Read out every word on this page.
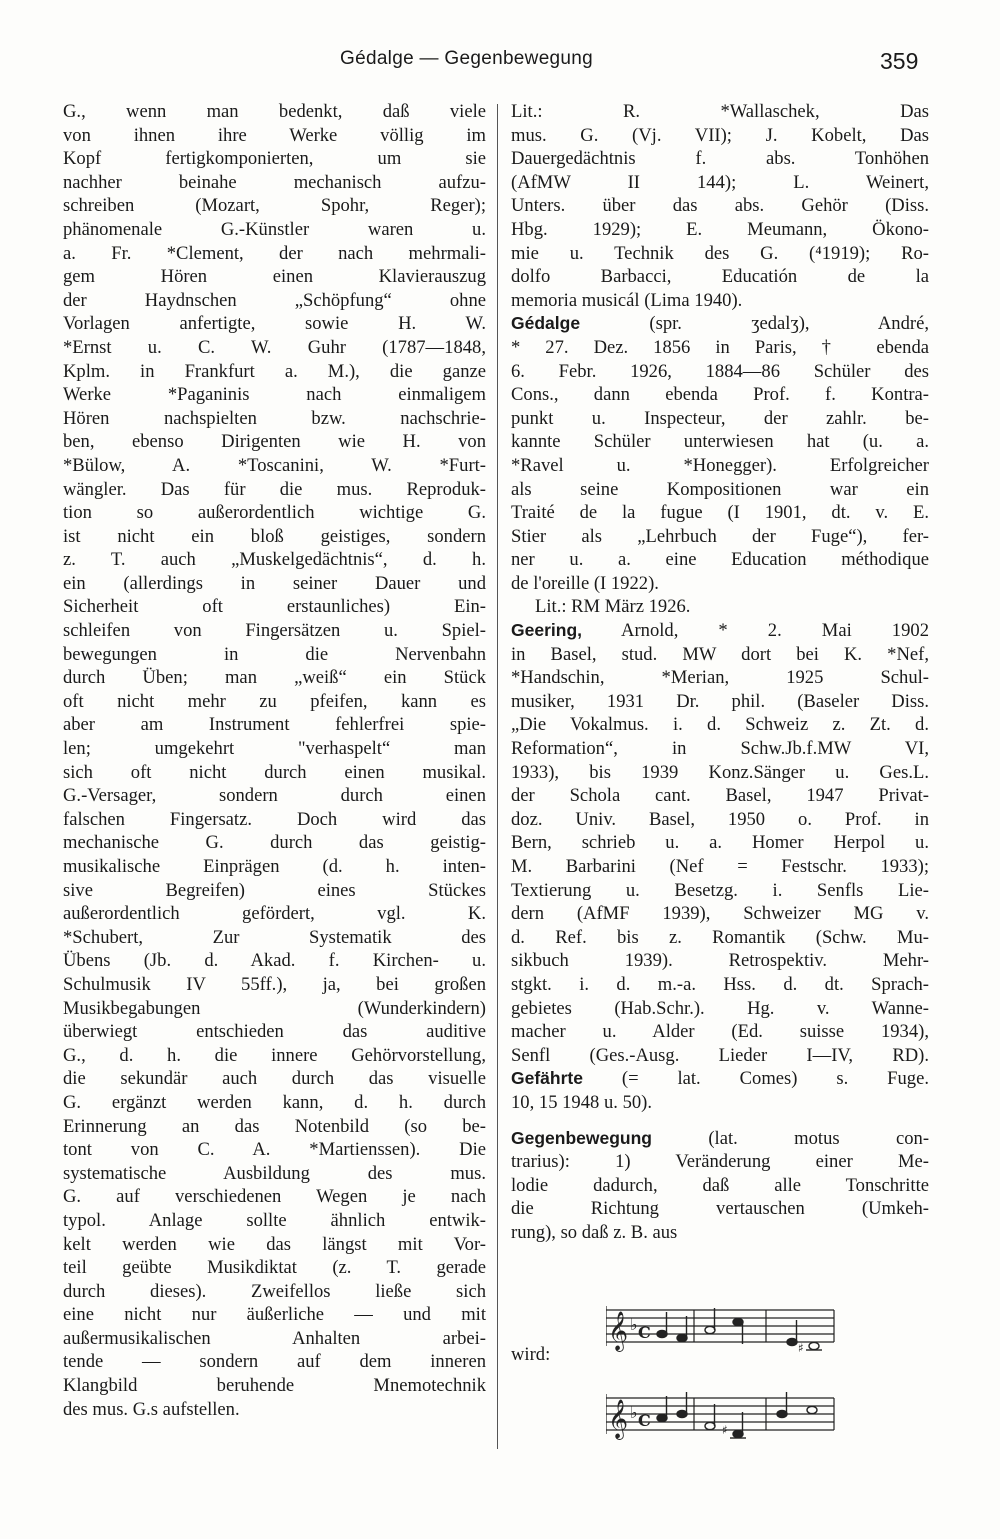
Gédalge — Gegenbewegung	359
G., wenn man bedenkt, daß viele
von ihnen ihre Werke völlig im
Kopf fertigkomponierten, um sie
nachher beinahe mechanisch aufzu-
schreiben (Mozart, Spohr, Reger);
phänomenale G.-Künstler waren u.
a. Fr. *Clement, der nach mehrmali-
gem Hören einen Klavierauszug
der Haydnschen „Schöpfung“ ohne
Vorlagen anfertigte, sowie H. W.
*Ernst u. C. W. Guhr (1787—1848,
Kplm. in Frankfurt a. M.), die ganze
Werke *Paganinis nach einmaligem
Hören nachspielten bzw. nachschrie-
ben, ebenso Dirigenten wie H. von
*Bülow, A. *Toscanini, W. *Furt-
wängler. Das für die mus. Reproduk-
tion so außerordentlich wichtige G.
ist nicht ein bloß geistiges, sondern
z. T. auch „Muskelgedächtnis“, d. h.
ein (allerdings in seiner Dauer und
Sicherheit oft erstaunliches) Ein-
schleifen von Fingersätzen u. Spiel-
bewegungen in die Nervenbahn
durch Üben; man „weiß“ ein Stück
oft nicht mehr zu pfeifen, kann es
aber am Instrument fehlerfrei spie-
len; umgekehrt "verhaspelt“ man
sich oft nicht durch einen musikal.
G.-Versager, sondern durch einen
falschen Fingersatz. Doch wird das
mechanische G. durch das geistig-
musikalische Einprägen (d. h. inten-
sive Begreifen) eines Stückes
außerordentlich gefördert, vgl. K.
*Schubert, Zur Systematik des
Übens (Jb. d. Akad. f. Kirchen- u.
Schulmusik IV 55ff.), ja, bei großen
Musikbegabungen (Wunderkindern)
überwiegt entschieden das auditive
G., d. h. die innere Gehörvorstellung,
die sekundär auch durch das visuelle
G. ergänzt werden kann, d. h. durch
Erinnerung an das Notenbild (so be-
tont von C. A. *Martienssen). Die
systematische Ausbildung des mus.
G. auf verschiedenen Wegen je nach
typol. Anlage sollte ähnlich entwik-
kelt werden wie das längst mit Vor-
teil geübte Musikdiktat (z. T. gerade
durch dieses). Zweifellos ließe sich
eine nicht nur äußerliche — und mit
außermusikalischen Anhalten arbei-
tende — sondern auf dem inneren
Klangbild beruhende Mnemotechnik
des mus. G.s aufstellen.
Lit.: R. *Wallaschek, Das
mus. G. (Vj. VII); J. Kobelt, Das
Dauergedächtnis f. abs. Tonhöhen
(AfMW II 144); L. Weinert,
Unters. über das abs. Gehör (Diss.
Hbg. 1929); E. Meumann, Ökono-
mie u. Technik des G. (⁴1919); Ro-
dolfo Barbacci, Educatión de la
memoria musicál (Lima 1940).
Gédalge	(spr. ʒedalʒ), André,
* 27. Dez. 1856 in Paris, † ebenda
6. Febr. 1926, 1884—86 Schüler des
Cons., dann ebenda Prof. f. Kontra-
punkt u. Inspecteur, der zahlr. be-
kannte Schüler unterwiesen hat (u. a.
*Ravel u. *Honegger). Erfolgreicher
als seine Kompositionen war ein
Traité de la fugue (I 1901, dt. v. E.
Stier als „Lehrbuch der Fuge“), fer-
ner u. a. eine Education méthodique
de l'oreille (I 1922).
Lit.: RM März 1926.
Geering, Arnold, * 2. Mai 1902
in Basel, stud. MW dort bei K. *Nef,
*Handschin, *Merian, 1925 Schul-
musiker, 1931 Dr. phil. (Baseler Diss.
„Die Vokalmus. i. d. Schweiz z. Zt. d.
Reformation“, in Schw.Jb.f.MW VI,
1933), bis 1939 Konz.Sänger u. Ges.L.
der Schola cant. Basel, 1947 Privat-
doz. Univ. Basel, 1950 o. Prof. in
Bern, schrieb u. a. Homer Herpol u.
M. Barbarini (Nef = Festschr. 1933);
Textierung u. Besetzg. i. Senfls Lie-
dern (AfMF 1939), Schweizer MG v.
d. Ref. bis z. Romantik (Schw. Mu-
sikbuch 1939). Retrospektiv. Mehr-
stgkt. i. d. m.-a. Hss. d. dt. Sprach-
gebietes (Hab.Schr.). Hg. v. Wanne-
macher u. Alder (Ed. suisse 1934),
Senfl (Ges.-Ausg. Lieder I—IV, RD).
Gefährte (= lat. Comes) s. Fuge.
10, 15 1948 u. 50).
Gegenbewegung	(lat. motus con-
trarius): 1) Veränderung einer Me-
lodie dadurch, daß alle Tonschritte
die Richtung vertauschen (Umkeh-
rung), so daß z. B. aus
wird:
𝄞 ♭ C
♯
𝄞 ♭ C	♯
